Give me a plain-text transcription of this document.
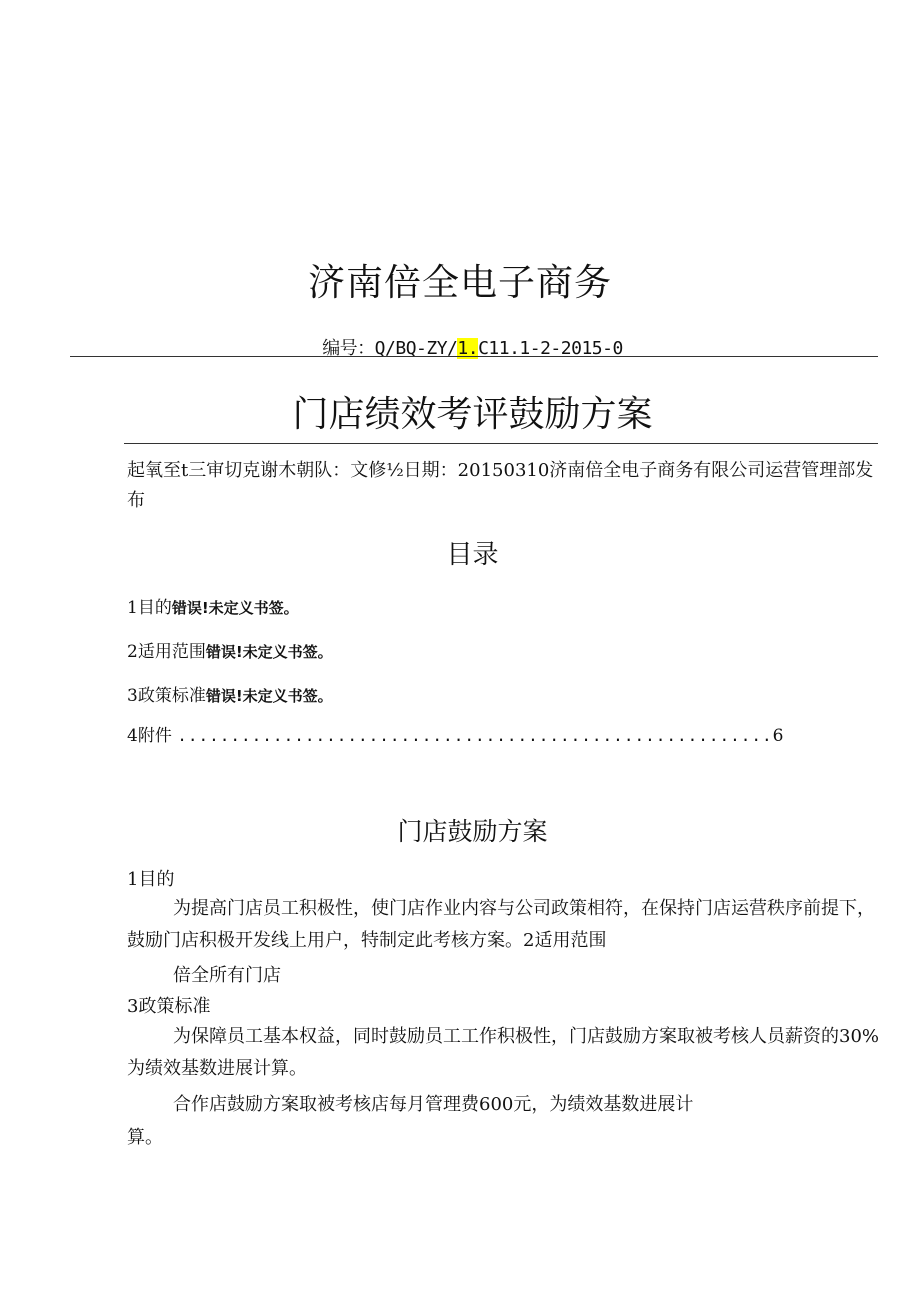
济南倍全电子商务
编号：Q/BQ-ZY/1.C11.1-2-2015-0
门店绩效考评鼓励方案
起氧至t三审切克谢木朝队：文修½日期：20150310济南倍全电子商务有限公司运营管理部发布
目录
1目的错误!未定义书签。
2适用范围错误!未定义书签。
3政策标准错误!未定义书签。
4附件 ........................................................6
门店鼓励方案
1目的
为提高门店员工积极性，使门店作业内容与公司政策相符，在保持门店运营秩序前提下，鼓励门店积极开发线上用户，特制定此考核方案。2适用范围
倍全所有门店
3政策标准
为保障员工基本权益，同时鼓励员工工作积极性，门店鼓励方案取被考核人员薪资的30%为绩效基数进展计算。
合作店鼓励方案取被考核店每月管理费600元，为绩效基数进展计
算。
